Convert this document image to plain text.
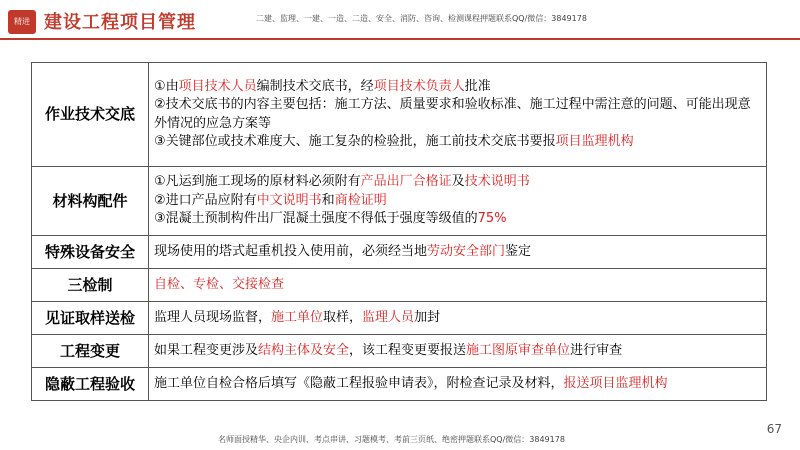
精进 建设工程项目管理	二建、监理、一建、一造、二造、安全、消防、咨询、检测课程押题联系QQ/微信：3849178
作业技术交底	①由项目技术人员编制技术交底书，经项目技术负责人批准

②技术交底书的内容主要包括：施工方法、质量要求和验收标准、施工过程中需注意的问题、可能出现意外情况的应急方案等

③关键部位或技术难度大、施工复杂的检验批，施工前技术交底书要报项目监理机构

材料构配件	①凡运到施工现场的原材料必须附有产品出厂合格证及技术说明书

②进口产品应附有中文说明书和商检证明

③混凝土预制构件出厂混凝土强度不得低于强度等级值的75%

特殊设备安全	现场使用的塔式起重机投入使用前，必须经当地劳动安全部门鉴定

三检制	自检、专检、交接检查

见证取样送检	监理人员现场监督，施工单位取样，监理人员加封

工程变更	如果工程变更涉及结构主体及安全，该工程变更要报送施工图原审查单位进行审查

隐蔽工程验收	施工单位自检合格后填写《隐蔽工程报验申请表》，附检查记录及材料，报送项目监理机构

67
名师面授精华、央企内训、考点串讲、习题模考、考前三页纸、绝密押题联系QQ/微信：3849178
